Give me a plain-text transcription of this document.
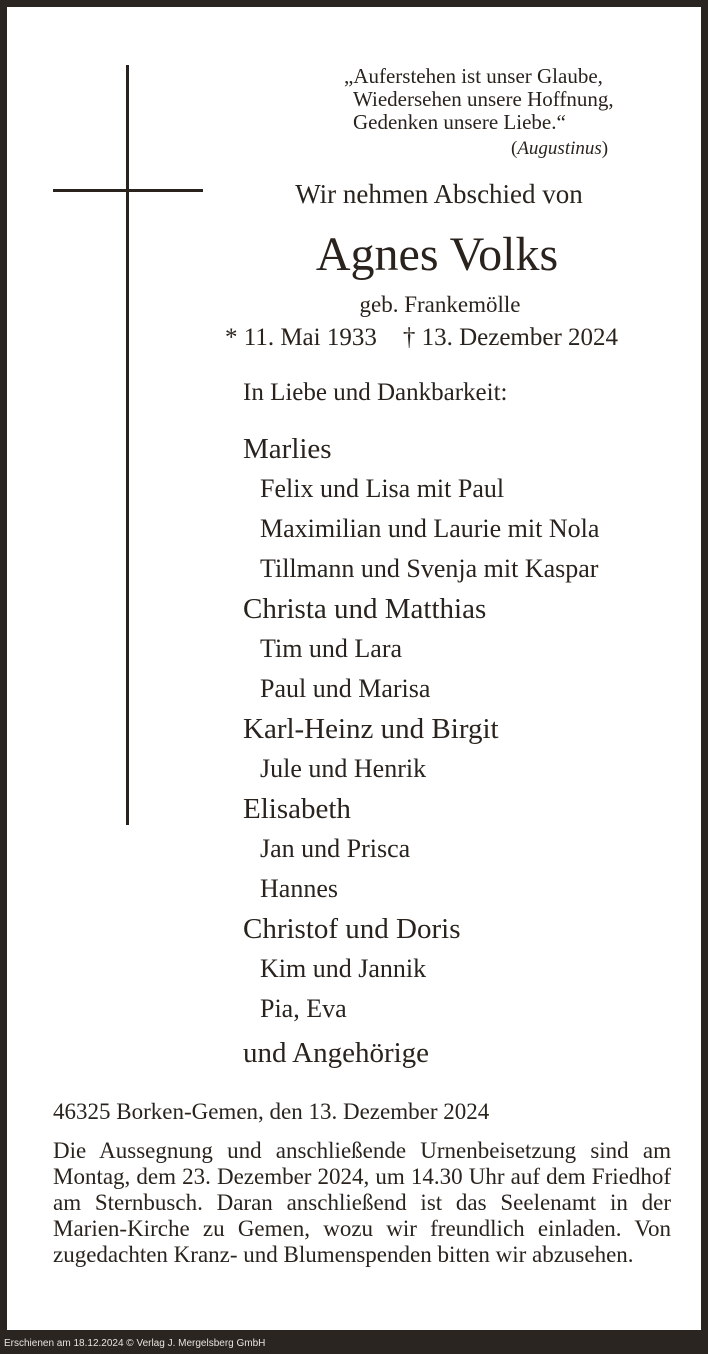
„Auferstehen ist unser Glaube,
Wiedersehen unsere Hoffnung,
Gedenken unsere Liebe.“
(Augustinus)
Wir nehmen Abschied von
Agnes Volks
geb. Frankemölle
* 11. Mai 1933 † 13. Dezember 2024
In Liebe und Dankbarkeit:
Marlies
Felix und Lisa mit Paul
Maximilian und Laurie mit Nola
Tillmann und Svenja mit Kaspar
Christa und Matthias
Tim und Lara
Paul und Marisa
Karl-Heinz und Birgit
Jule und Henrik
Elisabeth
Jan und Prisca
Hannes
Christof und Doris
Kim und Jannik
Pia, Eva
und Angehörige
46325 Borken-Gemen, den 13. Dezember 2024
Die Aussegnung und anschließende Urnenbeisetzung sind am Montag, dem 23. Dezember 2024, um 14.30 Uhr auf dem Friedhof am Sternbusch. Daran anschließend ist das Seelenamt in der Marien-Kirche zu Gemen, wozu wir freundlich einladen. Von zugedachten Kranz- und Blumenspenden bitten wir abzusehen.
Erschienen am 18.12.2024 © Verlag J. Mergelsberg GmbH
